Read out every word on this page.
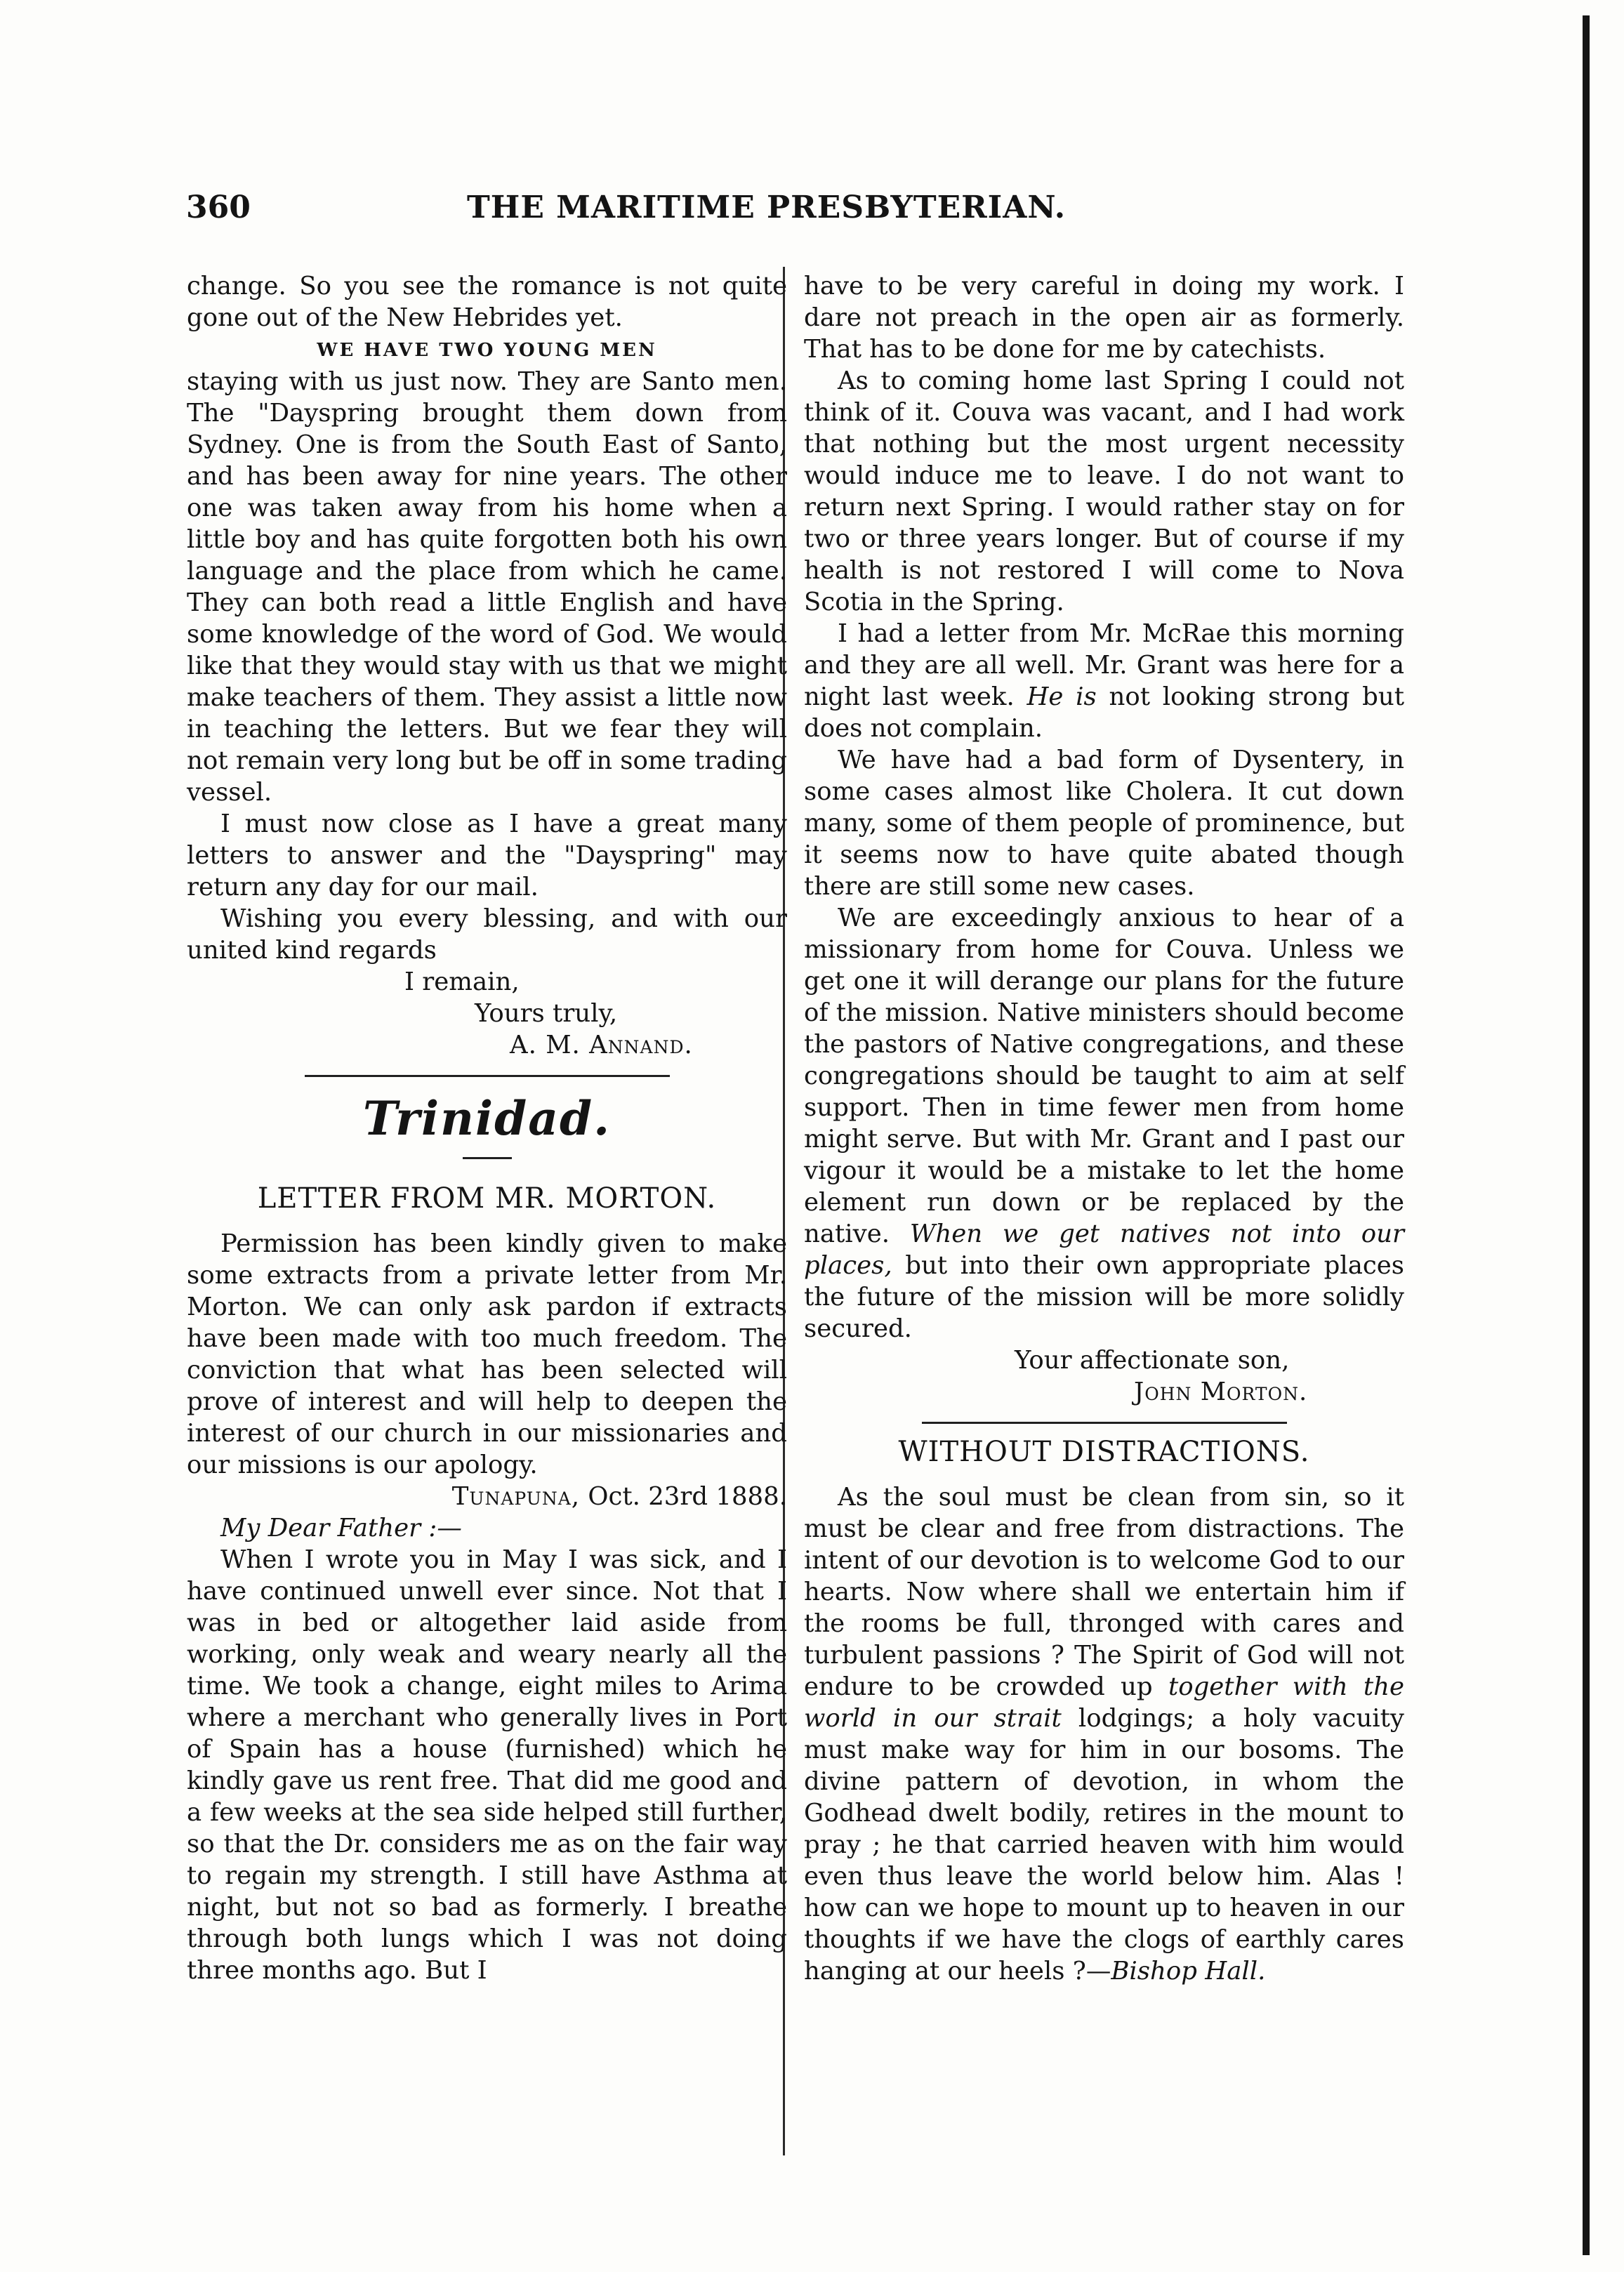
360	THE MARITIME PRESBYTERIAN.

change. So you see the romance is not quite gone out of the New Hebrides yet.

WE HAVE TWO YOUNG MEN

staying with us just now. They are Santo men. The "Dayspring brought them down from Sydney. One is from the South East of Santo, and has been away for nine years. The other one was taken away from his home when a little boy and has quite forgotten both his own language and the place from which he came. They can both read a little English and have some knowledge of the word of God. We would like that they would stay with us that we might make teachers of them. They assist a little now in teaching the letters. But we fear they will not remain very long but be off in some trading vessel.

I must now close as I have a great many letters to answer and the "Dayspring" may return any day for our mail.

Wishing you every blessing, and with our united kind regards

I remain,
Yours truly,
A. M. Annand.
Trinidad.
LETTER FROM MR. MORTON.

Permission has been kindly given to make some extracts from a private letter from Mr. Morton. We can only ask pardon if extracts have been made with too much freedom. The conviction that what has been selected will prove of interest and will help to deepen the interest of our church in our missionaries and our missions is our apology.

Tunapuna, Oct. 23rd 1888.

My Dear Father :—

When I wrote you in May I was sick, and I have continued unwell ever since. Not that I was in bed or altogether laid aside from working, only weak and weary nearly all the time. We took a change, eight miles to Arima where a merchant who generally lives in Port of Spain has a house (furnished) which he kindly gave us rent free. That did me good and a few weeks at the sea side helped still further, so that the Dr. considers me as on the fair way to regain my strength. I still have Asthma at night, but not so bad as formerly. I breathe through both lungs which I was not doing three months ago. But I

have to be very careful in doing my work. I dare not preach in the open air as formerly. That has to be done for me by catechists.

As to coming home last Spring I could not think of it. Couva was vacant, and I had work that nothing but the most urgent necessity would induce me to leave. I do not want to return next Spring. I would rather stay on for two or three years longer. But of course if my health is not restored I will come to Nova Scotia in the Spring.

I had a letter from Mr. McRae this morning and they are all well. Mr. Grant was here for a night last week. He is not looking strong but does not complain.

We have had a bad form of Dysentery, in some cases almost like Cholera. It cut down many, some of them people of prominence, but it seems now to have quite abated though there are still some new cases.

We are exceedingly anxious to hear of a missionary from home for Couva. Unless we get one it will derange our plans for the future of the mission. Native ministers should become the pastors of Native congregations, and these congregations should be taught to aim at self support. Then in time fewer men from home might serve. But with Mr. Grant and I past our vigour it would be a mistake to let the home element run down or be replaced by the native. When we get natives not into our places, but into their own appropriate places the future of the mission will be more solidly secured.

Your affectionate son,
John Morton.
WITHOUT DISTRACTIONS.

As the soul must be clean from sin, so it must be clear and free from distractions. The intent of our devotion is to welcome God to our hearts. Now where shall we entertain him if the rooms be full, thronged with cares and turbulent passions ? The Spirit of God will not endure to be crowded up together with the world in our strait lodgings; a holy vacuity must make way for him in our bosoms. The divine pattern of devotion, in whom the Godhead dwelt bodily, retires in the mount to pray ; he that carried heaven with him would even thus leave the world below him. Alas ! how can we hope to mount up to heaven in our thoughts if we have the clogs of earthly cares hanging at our heels ?—Bishop Hall.
